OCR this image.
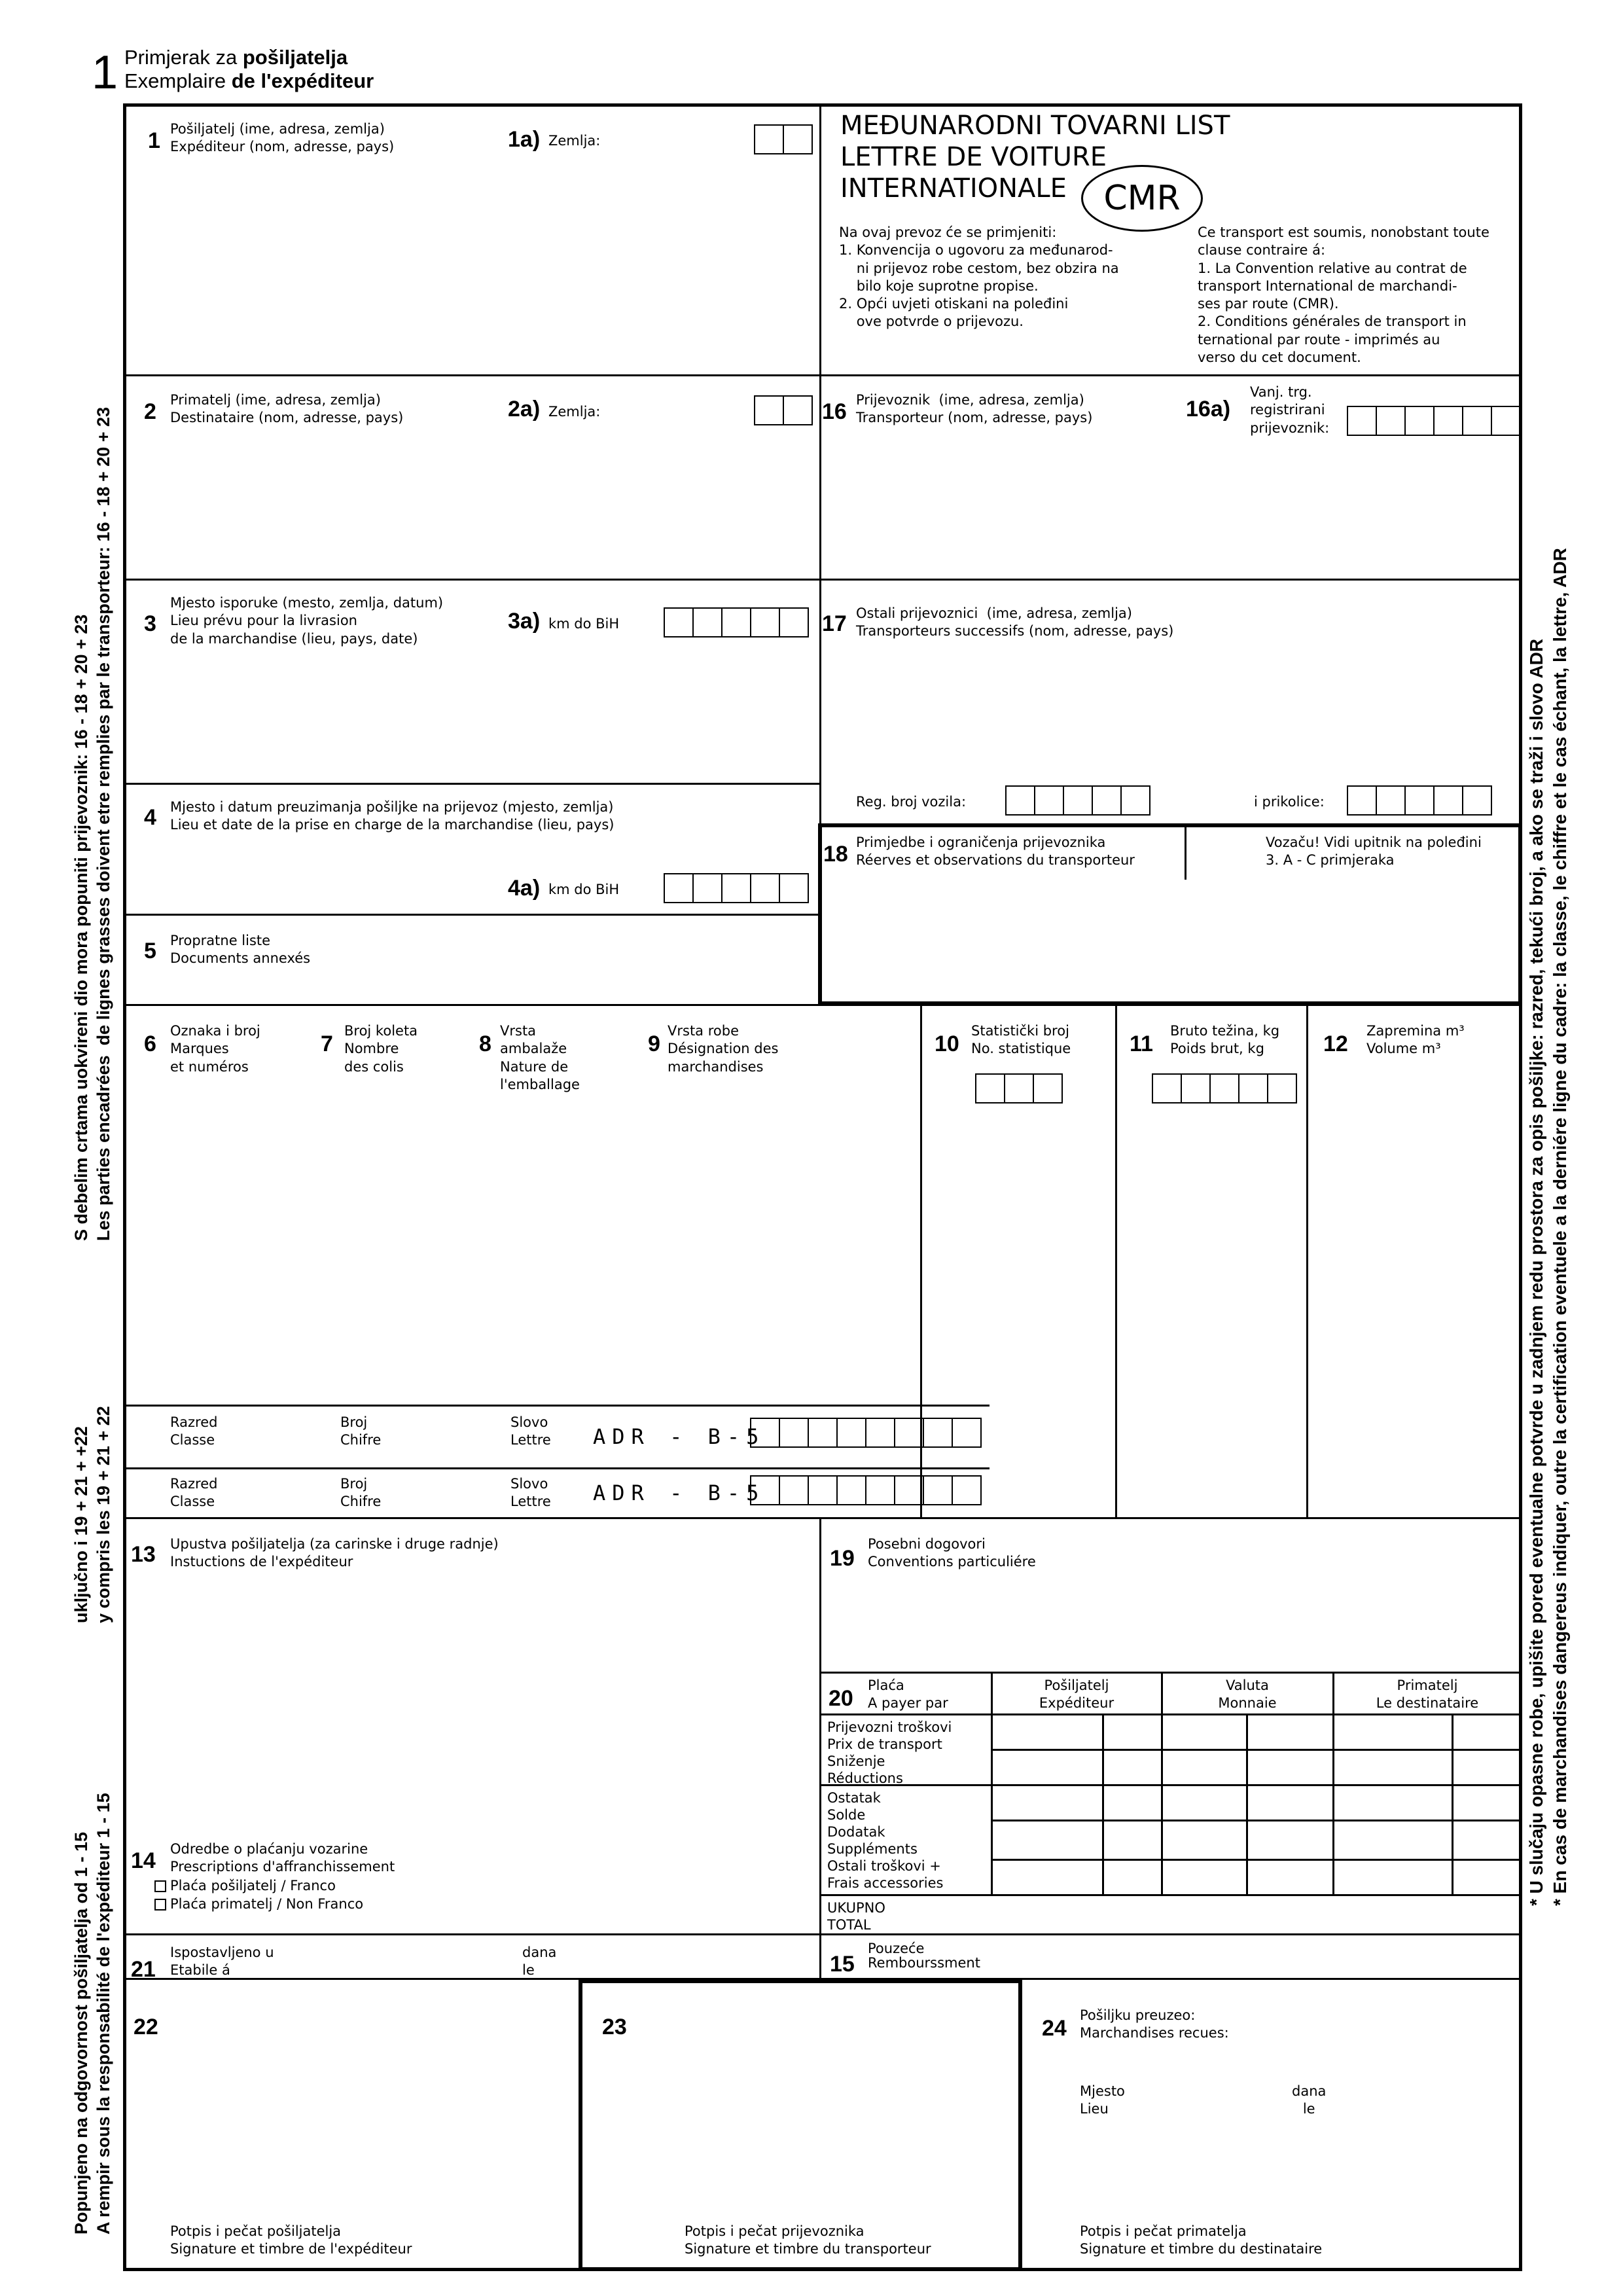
1 Primjerak za pošiljatelja
Exemplaire de l'expéditeur
MEĐUNARODNI TOVARNI LIST
LETTRE DE VOITURE
INTERNATIONALE	CMR
Na ovaj prevoz će se primjeniti:
1. Konvencija o ugovoru za međunarod-
ni prijevoz robe cestom, bez obzira na
bilo koje suprotne propise.
2. Opći uvjeti otiskani na poleđini
ove potvrde o prijevozu.
Ce transport est soumis, nonobstant toute
clause contraire á:
1. La Convention relative au contrat de
transport International de marchandi-
ses par route (CMR).
2. Conditions générales de transport in
ternational par route - imprimés au
verso du cet document.
1 Pošiljatelj (ime, adresa, zemlja)
Expéditeur (nom, adresse, pays)	1a) Zemlja:
2 Primatelj (ime, adresa, zemlja)
Destinataire (nom, adresse, pays)	2a) Zemlja:	16 Prijevoznik  (ime, adresa, zemlja)
Transporteur (nom, adresse, pays)	16a)
Vanj. trg.
registrirani
prijevoznik:
3
Mjesto isporuke (mesto, zemlja, datum)
Lieu prévu pour la livrasion
de la marchandise (lieu, pays, date)
3a) km do BiH	17 Ostali prijevoznici  (ime, adresa, zemlja)
Transporteurs successifs (nom, adresse, pays)
Reg. broj vozila:	i prikolice:
4 Mjesto i datum preuzimanja pošiljke na prijevoz (mjesto, zemlja)
Lieu et date de la prise en charge de la marchandise (lieu, pays)
4a) km do BiH
18 Primjedbe i ograničenja prijevoznika
Réerves et observations du transporteur
Vozaču! Vidi upitnik na poleđini
3. A - C primjeraka
5 Propratne liste
Documents annexés
6
Oznaka i broj
Marques
et numéros
7
Broj koleta
Nombre
des colis
8
Vrsta
ambalaže
Nature de
l'emballage
9
Vrsta robe
Désignation des
marchandises
10
Statistički broj
No. statistique	11
Bruto težina, kg
Poids brut, kg	12
Zapremina m³
Volume m³
Razred
Classe
Broj
Chifre
Slovo
Lettre ADR - B-5
Razred
Classe
Broj
Chifre
Slovo
Lettre ADR - B-5
13 Upustva pošiljatelja (za carinske i druge radnje)
Instuctions de l'expéditeur	19
Posebni dogovori
Conventions particuliére
20
Plaća
A payer par
Pošiljatelj
Expéditeur
Valuta
Monnaie
Primatelj
Le destinataire
Prijevozni troškovi
Prix de transport
Sniženje
Réductions
Ostatak
Solde
Dodatak
Suppléments
Ostali troškovi +
Frais accessories
UKUPNO
TOTAL
14 Odredbe o plaćanju vozarine
Prescriptions d'affranchissement
Plaća pošiljatelj / Franco
Plaća primatelj / Non Franco
21
Ispostavljeno u
Etabile á
dana
le	15
Pouzeće
Rembourssment
22
Potpis i pečat pošiljatelja
Signature et timbre de l'expéditeur
23
Potpis i pečat prijevoznika
Signature et timbre du transporteur
24
Pošiljku preuzeo:
Marchandises recues:
Mjesto
Lieu
dana
le
Potpis i pečat primatelja
Signature et timbre du destinataire
S debelim crtama uokvireni dio mora popuniti prijevoznik: 16 - 18 + 20 + 23
Les parties encadrées  de lignes grasses doivent etre remplies par le transporteur: 16 - 18 + 20 + 23
uključno i 19 + 21 + +22
y compris les 19 + 21 + 22
Popunjeno na odgovornost pošiljatelja od 1 - 15
A rempir sous la responsabilité de l'expéditeur 1 - 15
* U slučaju opasne robe, upišite pored eventualne potvrde u zadnjem redu prostora za opis pošiljke: razred, tekući broj, a ako se traži i slovo ADR
* En cas de marchandises dangereus indiquer, outre la certification eventuele a la derniére ligne du cadre: la classe, le chiffre et le cas échant, la lettre, ADR
